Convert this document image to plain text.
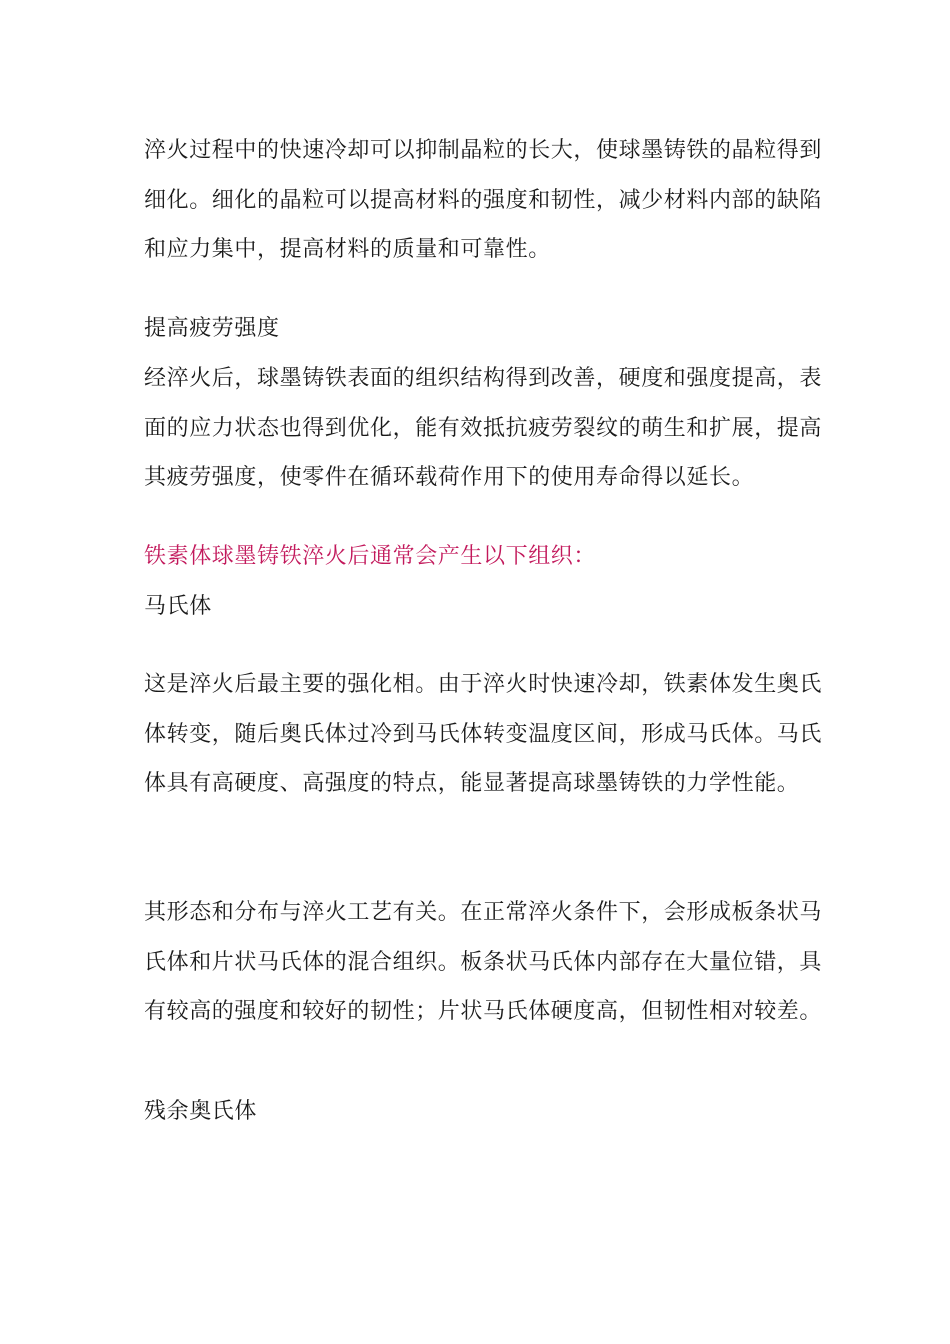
淬火过程中的快速冷却可以抑制晶粒的长大，使球墨铸铁的晶粒得到细化。细化的晶粒可以提高材料的强度和韧性，减少材料内部的缺陷和应力集中，提高材料的质量和可靠性。

提高疲劳强度

经淬火后，球墨铸铁表面的组织结构得到改善，硬度和强度提高，表面的应力状态也得到优化，能有效抵抗疲劳裂纹的萌生和扩展，提高其疲劳强度，使零件在循环载荷作用下的使用寿命得以延长。

铁素体球墨铸铁淬火后通常会产生以下组织：

马氏体

这是淬火后最主要的强化相。由于淬火时快速冷却，铁素体发生奥氏体转变，随后奥氏体过冷到马氏体转变温度区间，形成马氏体。马氏体具有高硬度、高强度的特点，能显著提高球墨铸铁的力学性能。

其形态和分布与淬火工艺有关。在正常淬火条件下，会形成板条状马氏体和片状马氏体的混合组织。板条状马氏体内部存在大量位错，具有较高的强度和较好的韧性；片状马氏体硬度高，但韧性相对较差。

残余奥氏体
